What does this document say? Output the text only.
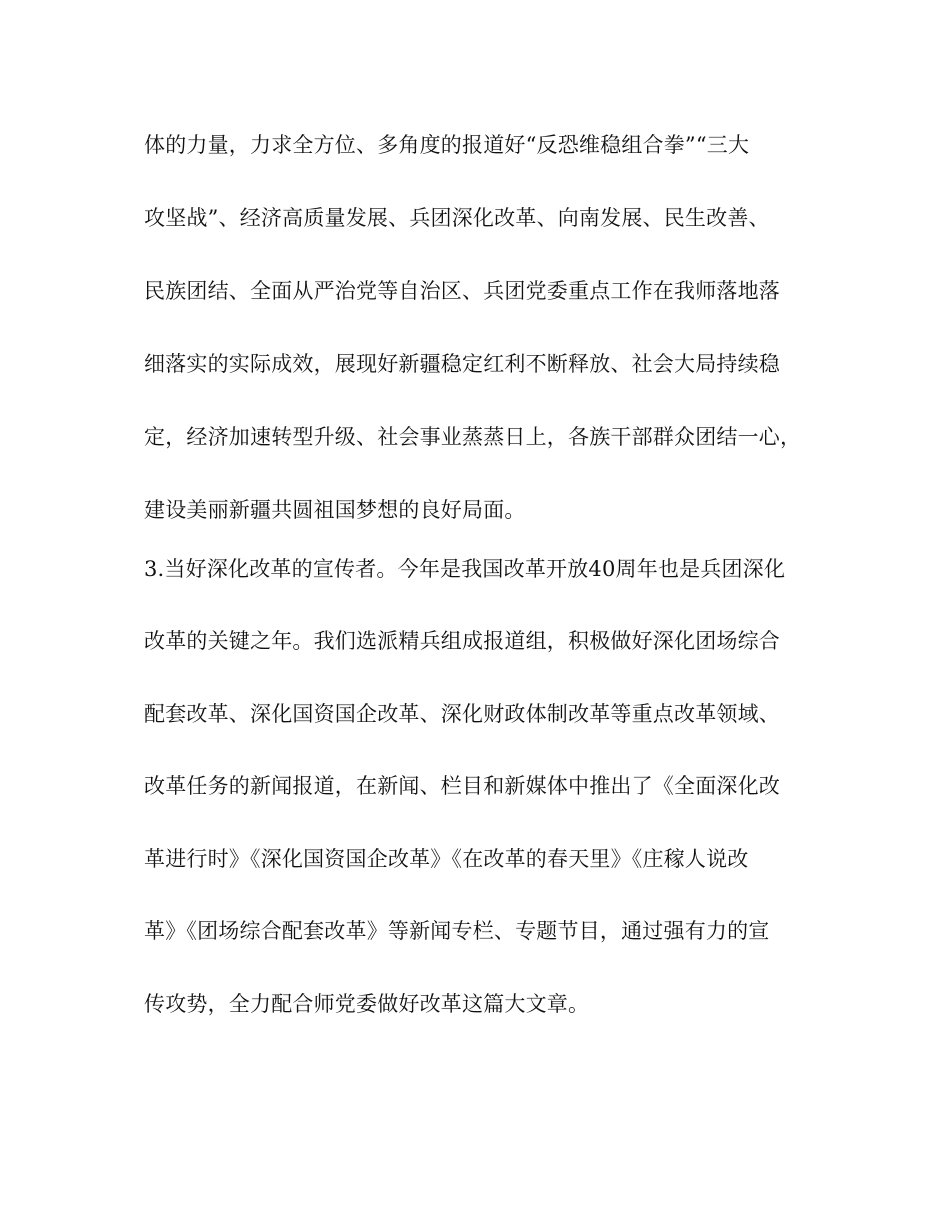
体的力量，力求全方位、多角度的报道好“反恐维稳组合拳”“三大

攻坚战”、经济高质量发展、兵团深化改革、向南发展、民生改善、

民族团结、全面从严治党等自治区、兵团党委重点工作在我师落地落

细落实的实际成效，展现好新疆稳定红利不断释放、社会大局持续稳

定，经济加速转型升级、社会事业蒸蒸日上，各族干部群众团结一心，

建设美丽新疆共圆祖国梦想的良好局面。

3.当好深化改革的宣传者。今年是我国改革开放40周年也是兵团深化

改革的关键之年。我们选派精兵组成报道组，积极做好深化团场综合

配套改革、深化国资国企改革、深化财政体制改革等重点改革领域、

改革任务的新闻报道，在新闻、栏目和新媒体中推出了《全面深化改

革进行时》《深化国资国企改革》《在改革的春天里》《庄稼人说改

革》《团场综合配套改革》等新闻专栏、专题节目，通过强有力的宣

传攻势，全力配合师党委做好改革这篇大文章。
